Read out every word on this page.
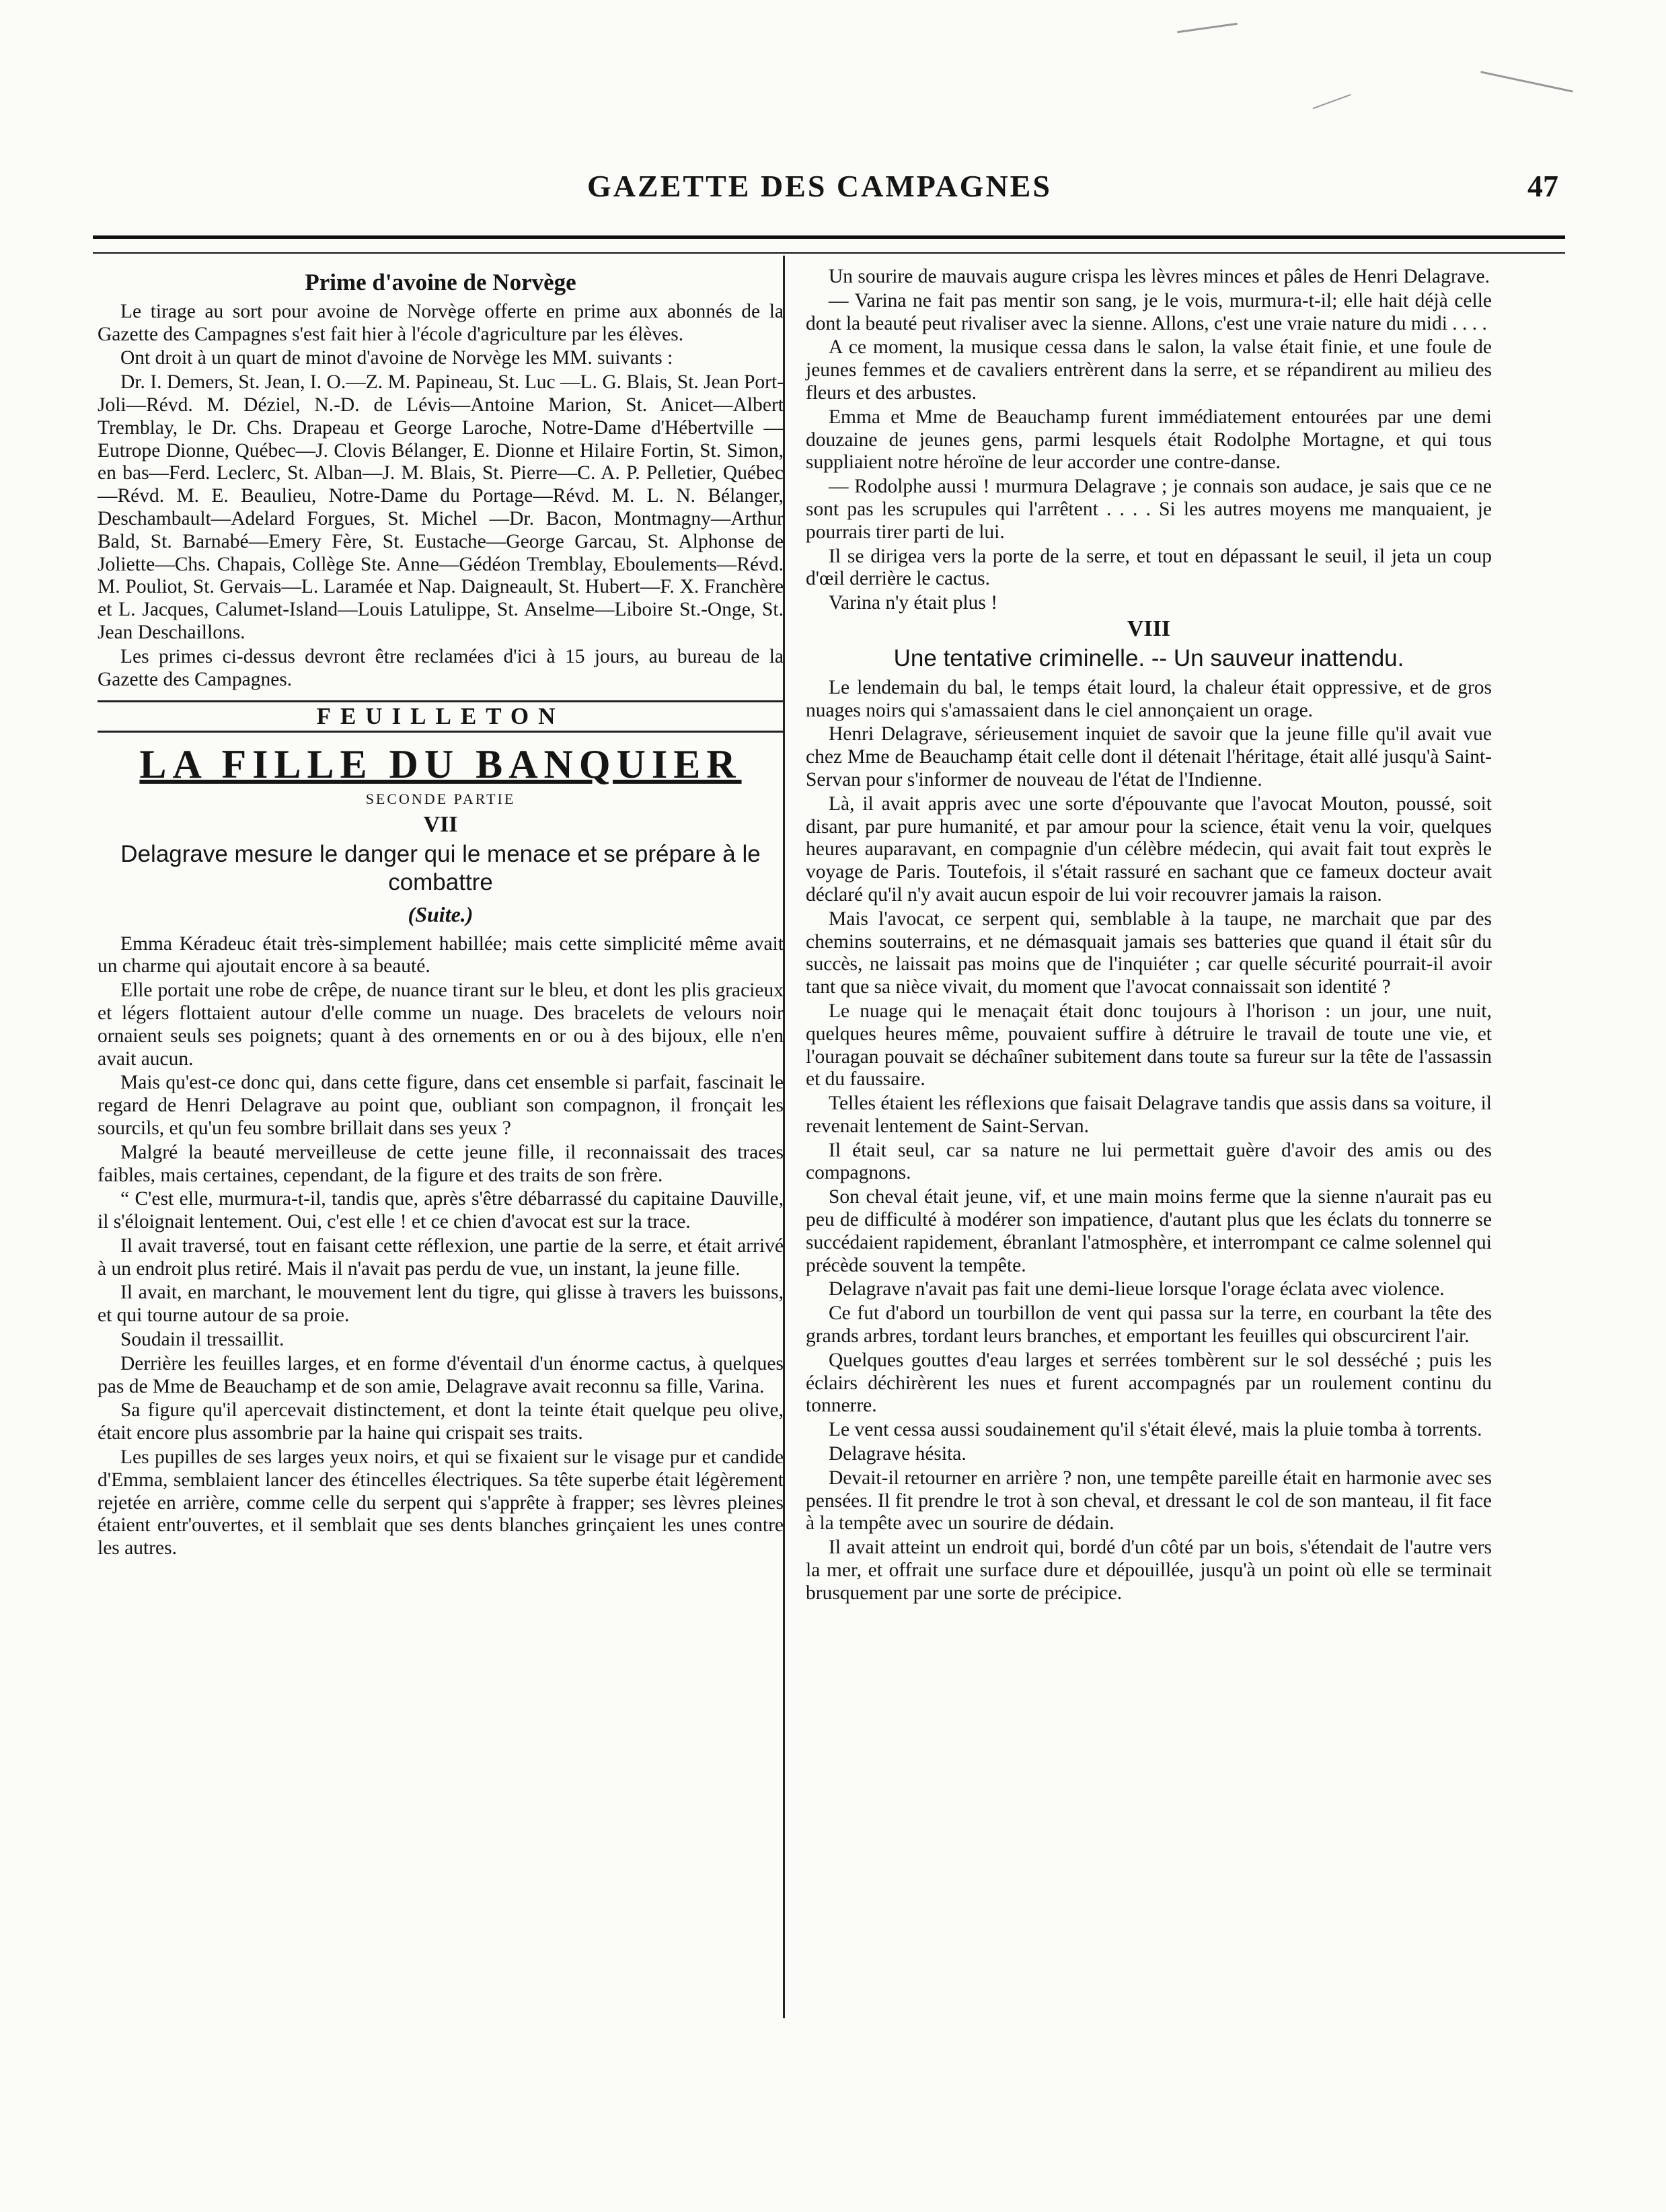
GAZETTE DES CAMPAGNES	47
Prime d'avoine de Norvège

Le tirage au sort pour avoine de Norvège offerte en prime aux abonnés de la Gazette des Campagnes s'est fait hier à l'école d'agriculture par les élèves.

Ont droit à un quart de minot d'avoine de Norvège les MM. suivants :

Dr. I. Demers, St. Jean, I. O.—Z. M. Papineau, St. Luc —L. G. Blais, St. Jean Port-Joli—Révd. M. Déziel, N.-D. de Lévis—Antoine Marion, St. Anicet—Albert Tremblay, le Dr. Chs. Drapeau et George Laroche, Notre-Dame d'Hébertville —Eutrope Dionne, Québec—J. Clovis Bélanger, E. Dionne et Hilaire Fortin, St. Simon, en bas—Ferd. Leclerc, St. Alban—J. M. Blais, St. Pierre—C. A. P. Pelletier, Québec—Révd. M. E. Beaulieu, Notre-Dame du Portage—Révd. M. L. N. Bélanger, Deschambault—Adelard Forgues, St. Michel —Dr. Bacon, Montmagny—Arthur Bald, St. Barnabé—Emery Fère, St. Eustache—George Garcau, St. Alphonse de Joliette—Chs. Chapais, Collège Ste. Anne—Gédéon Tremblay, Eboulements—Révd. M. Pouliot, St. Gervais—L. Laramée et Nap. Daigneault, St. Hubert—F. X. Franchère et L. Jacques, Calumet-Island—Louis Latulippe, St. Anselme—Liboire St.-Onge, St. Jean Deschaillons.

Les primes ci-dessus devront être reclamées d'ici à 15 jours, au bureau de la Gazette des Campagnes.

FEUILLETON
LA FILLE DU BANQUIER
SECONDE PARTIE
VII
Delagrave mesure le danger qui le menace et se prépare à le combattre
(Suite.)

Emma Kéradeuc était très-simplement habillée; mais cette simplicité même avait un charme qui ajoutait encore à sa beauté.

Elle portait une robe de crêpe, de nuance tirant sur le bleu, et dont les plis gracieux et légers flottaient autour d'elle comme un nuage. Des bracelets de velours noir ornaient seuls ses poignets; quant à des ornements en or ou à des bijoux, elle n'en avait aucun.

Mais qu'est-ce donc qui, dans cette figure, dans cet ensemble si parfait, fascinait le regard de Henri Delagrave au point que, oubliant son compagnon, il fronçait les sourcils, et qu'un feu sombre brillait dans ses yeux ?

Malgré la beauté merveilleuse de cette jeune fille, il reconnaissait des traces faibles, mais certaines, cependant, de la figure et des traits de son frère.

“ C'est elle, murmura-t-il, tandis que, après s'être débarrassé du capitaine Dauville, il s'éloignait lentement. Oui, c'est elle ! et ce chien d'avocat est sur la trace.

Il avait traversé, tout en faisant cette réflexion, une partie de la serre, et était arrivé à un endroit plus retiré. Mais il n'avait pas perdu de vue, un instant, la jeune fille.

Il avait, en marchant, le mouvement lent du tigre, qui glisse à travers les buissons, et qui tourne autour de sa proie.

Soudain il tressaillit.

Derrière les feuilles larges, et en forme d'éventail d'un énorme cactus, à quelques pas de Mme de Beauchamp et de son amie, Delagrave avait reconnu sa fille, Varina.

Sa figure qu'il apercevait distinctement, et dont la teinte était quelque peu olive, était encore plus assombrie par la haine qui crispait ses traits.

Les pupilles de ses larges yeux noirs, et qui se fixaient sur le visage pur et candide d'Emma, semblaient lancer des étincelles électriques. Sa tête superbe était légèrement rejetée en arrière, comme celle du serpent qui s'apprête à frapper; ses lèvres pleines étaient entr'ouvertes, et il semblait que ses dents blanches grinçaient les unes contre les autres.

Un sourire de mauvais augure crispa les lèvres minces et pâles de Henri Delagrave.

— Varina ne fait pas mentir son sang, je le vois, murmura-t-il; elle hait déjà celle dont la beauté peut rivaliser avec la sienne. Allons, c'est une vraie nature du midi . . . .

A ce moment, la musique cessa dans le salon, la valse était finie, et une foule de jeunes femmes et de cavaliers entrèrent dans la serre, et se répandirent au milieu des fleurs et des arbustes.

Emma et Mme de Beauchamp furent immédiatement entourées par une demi douzaine de jeunes gens, parmi lesquels était Rodolphe Mortagne, et qui tous suppliaient notre héroïne de leur accorder une contre-danse.

— Rodolphe aussi ! murmura Delagrave ; je connais son audace, je sais que ce ne sont pas les scrupules qui l'arrêtent . . . . Si les autres moyens me manquaient, je pourrais tirer parti de lui.

Il se dirigea vers la porte de la serre, et tout en dépassant le seuil, il jeta un coup d'œil derrière le cactus.

Varina n'y était plus !

VIII
Une tentative criminelle. -- Un sauveur inattendu.

Le lendemain du bal, le temps était lourd, la chaleur était oppressive, et de gros nuages noirs qui s'amassaient dans le ciel annonçaient un orage.

Henri Delagrave, sérieusement inquiet de savoir que la jeune fille qu'il avait vue chez Mme de Beauchamp était celle dont il détenait l'héritage, était allé jusqu'à Saint-Servan pour s'informer de nouveau de l'état de l'Indienne.

Là, il avait appris avec une sorte d'épouvante que l'avocat Mouton, poussé, soit disant, par pure humanité, et par amour pour la science, était venu la voir, quelques heures auparavant, en compagnie d'un célèbre médecin, qui avait fait tout exprès le voyage de Paris. Toutefois, il s'était rassuré en sachant que ce fameux docteur avait déclaré qu'il n'y avait aucun espoir de lui voir recouvrer jamais la raison.

Mais l'avocat, ce serpent qui, semblable à la taupe, ne marchait que par des chemins souterrains, et ne démasquait jamais ses batteries que quand il était sûr du succès, ne laissait pas moins que de l'inquiéter ; car quelle sécurité pourrait-il avoir tant que sa nièce vivait, du moment que l'avocat connaissait son identité ?

Le nuage qui le menaçait était donc toujours à l'horison : un jour, une nuit, quelques heures même, pouvaient suffire à détruire le travail de toute une vie, et l'ouragan pouvait se déchaîner subitement dans toute sa fureur sur la tête de l'assassin et du faussaire.

Telles étaient les réflexions que faisait Delagrave tandis que assis dans sa voiture, il revenait lentement de Saint-Servan.

Il était seul, car sa nature ne lui permettait guère d'avoir des amis ou des compagnons.

Son cheval était jeune, vif, et une main moins ferme que la sienne n'aurait pas eu peu de difficulté à modérer son impatience, d'autant plus que les éclats du tonnerre se succédaient rapidement, ébranlant l'atmosphère, et interrompant ce calme solennel qui précède souvent la tempête.

Delagrave n'avait pas fait une demi-lieue lorsque l'orage éclata avec violence.

Ce fut d'abord un tourbillon de vent qui passa sur la terre, en courbant la tête des grands arbres, tordant leurs branches, et emportant les feuilles qui obscurcirent l'air.

Quelques gouttes d'eau larges et serrées tombèrent sur le sol desséché ; puis les éclairs déchirèrent les nues et furent accompagnés par un roulement continu du tonnerre.

Le vent cessa aussi soudainement qu'il s'était élevé, mais la pluie tomba à torrents.

Delagrave hésita.

Devait-il retourner en arrière ? non, une tempête pareille était en harmonie avec ses pensées. Il fit prendre le trot à son cheval, et dressant le col de son manteau, il fit face à la tempête avec un sourire de dédain.

Il avait atteint un endroit qui, bordé d'un côté par un bois, s'étendait de l'autre vers la mer, et offrait une surface dure et dépouillée, jusqu'à un point où elle se terminait brusquement par une sorte de précipice.
